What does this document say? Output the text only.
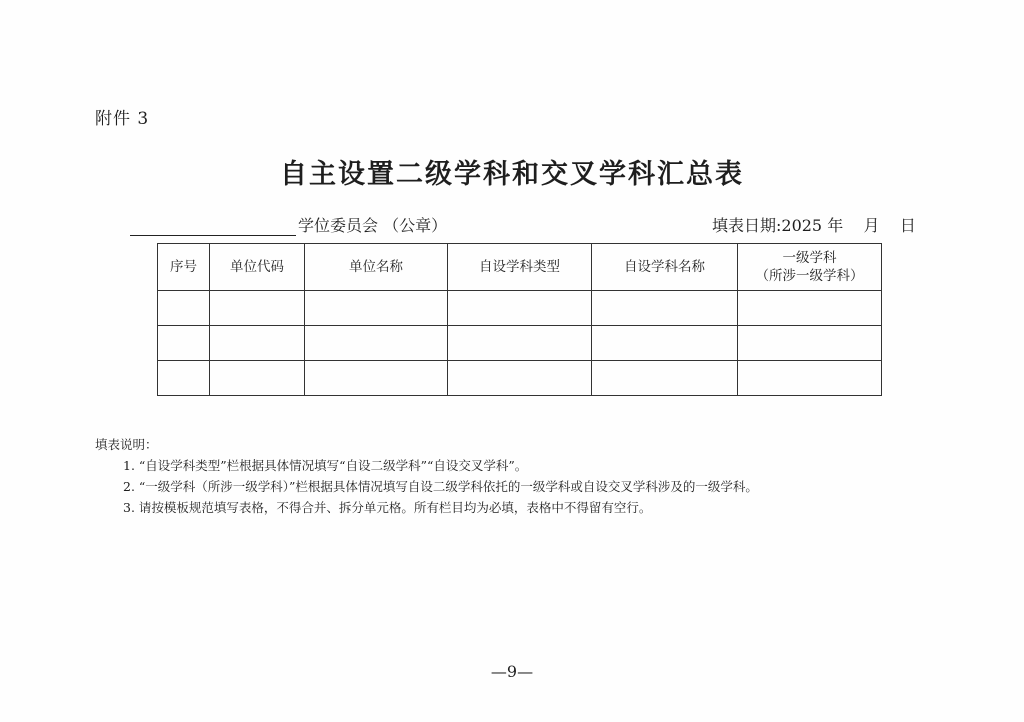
附件 3
自主设置二级学科和交叉学科汇总表
学位委员会 （公章）	填表日期:2025 年    月    日
序号	单位代码	单位名称	自设学科类型	自设学科名称	一级学科
（所涉一级学科）

填表说明：
1. “自设学科类型”栏根据具体情况填写“自设二级学科”“自设交叉学科”。
2. “一级学科（所涉一级学科）”栏根据具体情况填写自设二级学科依托的一级学科或自设交叉学科涉及的一级学科。
3. 请按模板规范填写表格，不得合并、拆分单元格。所有栏目均为必填，表格中不得留有空行。
—9—
